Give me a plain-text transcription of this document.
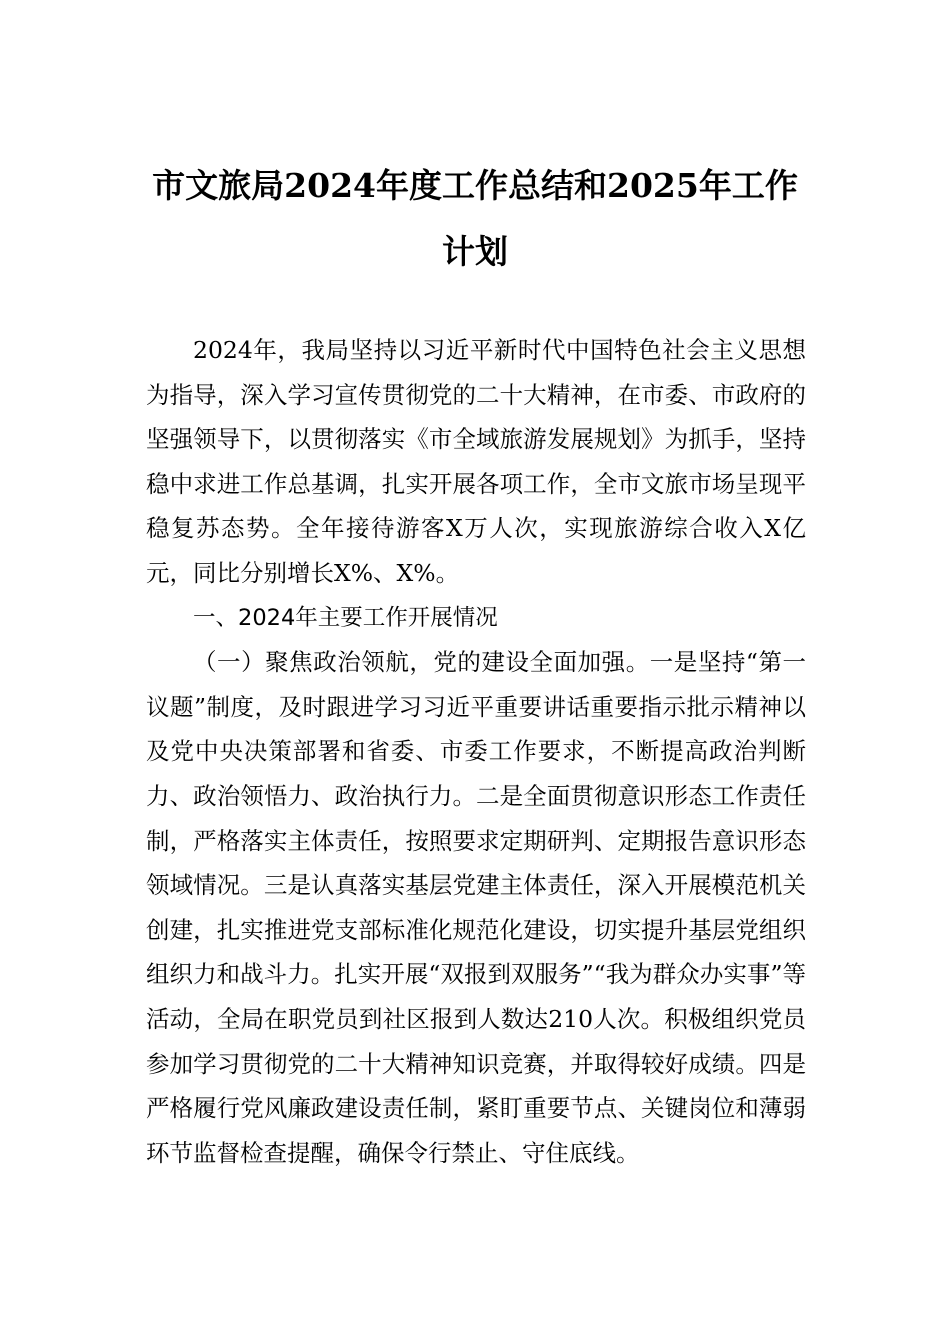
市文旅局2024年度工作总结和2025年工作
计划

2024年，我局坚持以习近平新时代中国特色社会主义思想为指导，深入学习宣传贯彻党的二十大精神，在市委、市政府的坚强领导下，以贯彻落实《市全域旅游发展规划》为抓手，坚持稳中求进工作总基调，扎实开展各项工作，全市文旅市场呈现平稳复苏态势。全年接待游客X万人次，实现旅游综合收入X亿元，同比分别增长X%、X%。

一、2024年主要工作开展情况

（一）聚焦政治领航，党的建设全面加强。一是坚持“第一议题”制度，及时跟进学习习近平重要讲话重要指示批示精神以及党中央决策部署和省委、市委工作要求，不断提高政治判断力、政治领悟力、政治执行力。二是全面贯彻意识形态工作责任制，严格落实主体责任，按照要求定期研判、定期报告意识形态领域情况。三是认真落实基层党建主体责任，深入开展模范机关创建，扎实推进党支部标准化规范化建设，切实提升基层党组织组织力和战斗力。扎实开展“双报到双服务”“我为群众办实事”等活动，全局在职党员到社区报到人数达210人次。积极组织党员参加学习贯彻党的二十大精神知识竞赛，并取得较好成绩。四是严格履行党风廉政建设责任制，紧盯重要节点、关键岗位和薄弱环节监督检查提醒，确保令行禁止、守住底线。
